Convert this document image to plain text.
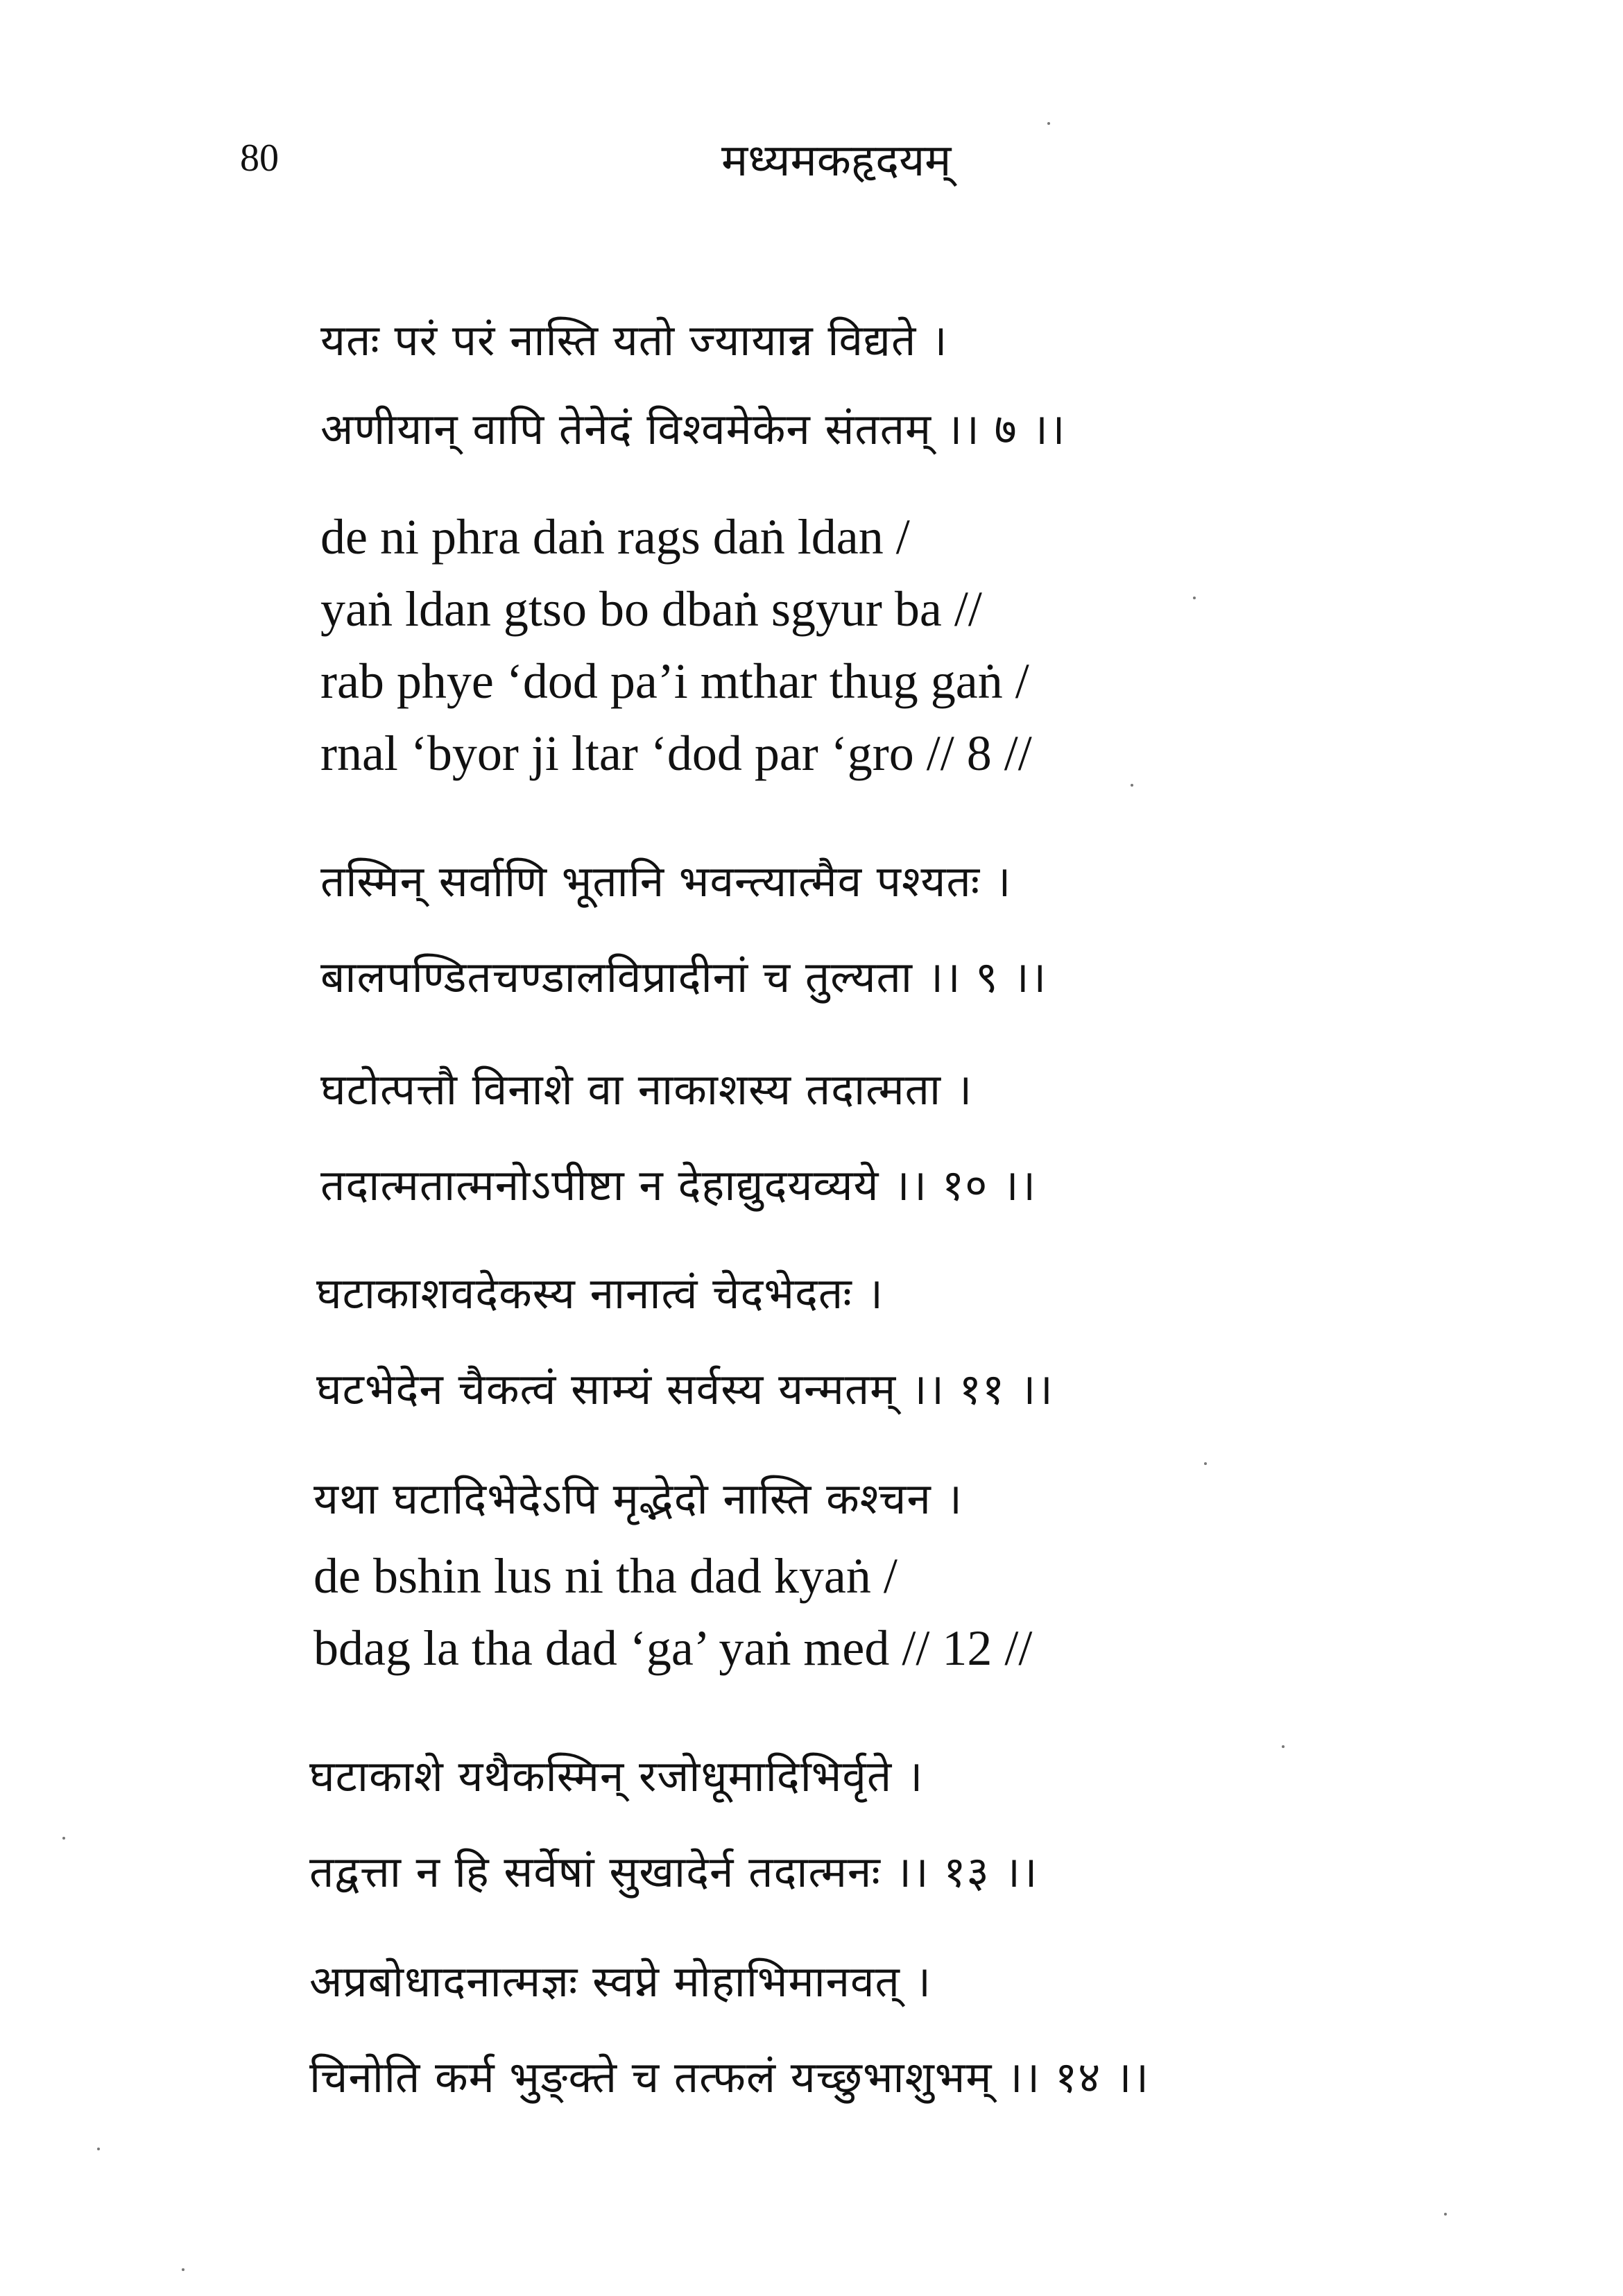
80	मध्यमकहृदयम्
यतः परं परं नास्ति यतो ज्यायान्न विद्यते ।
अणीयान् वापि तेनेदं विश्वमेकेन संततम् ।। ७ ।।
de ni phra daṅ rags daṅ ldan /
yaṅ ldan gtso bo dbaṅ sgyur ba //
rab phye ‘dod pa’i mthar thug gaṅ /
rnal ‘byor ji ltar ‘dod par ‘gro // 8 //
तस्मिन् सर्वाणि भूतानि भवन्त्यात्मैव पश्यतः ।
बालपण्डितचण्डालविप्रादीनां च तुल्यता ।। ९ ।।
घटोत्पत्तौ विनाशे वा नाकाशस्य तदात्मता ।
तदात्मतात्मनोऽपीष्टा न देहाद्युदयव्यये ।। १० ।।
घटाकाशवदेकस्य नानात्वं चेदभेदतः ।
घटभेदेन चैकत्वं साम्यं सर्वस्य यन्मतम् ।। ११ ।।
यथा घटादिभेदेऽपि मृद्भेदो नास्ति कश्चन ।
de bshin lus ni tha dad kyaṅ /
bdag la tha dad ‘ga’ yaṅ med // 12 //
घटाकाशे यथैकस्मिन् रजोधूमादिभिर्वृते ।
तद्वत्ता न हि सर्वेषां सुखादेर्न तदात्मनः ।। १३ ।।
अप्रबोधादनात्मज्ञः स्वप्ने मोहाभिमानवत् ।
चिनोति कर्म भुङ्क्ते च तत्फलं यच्छुभाशुभम् ।। १४ ।।
